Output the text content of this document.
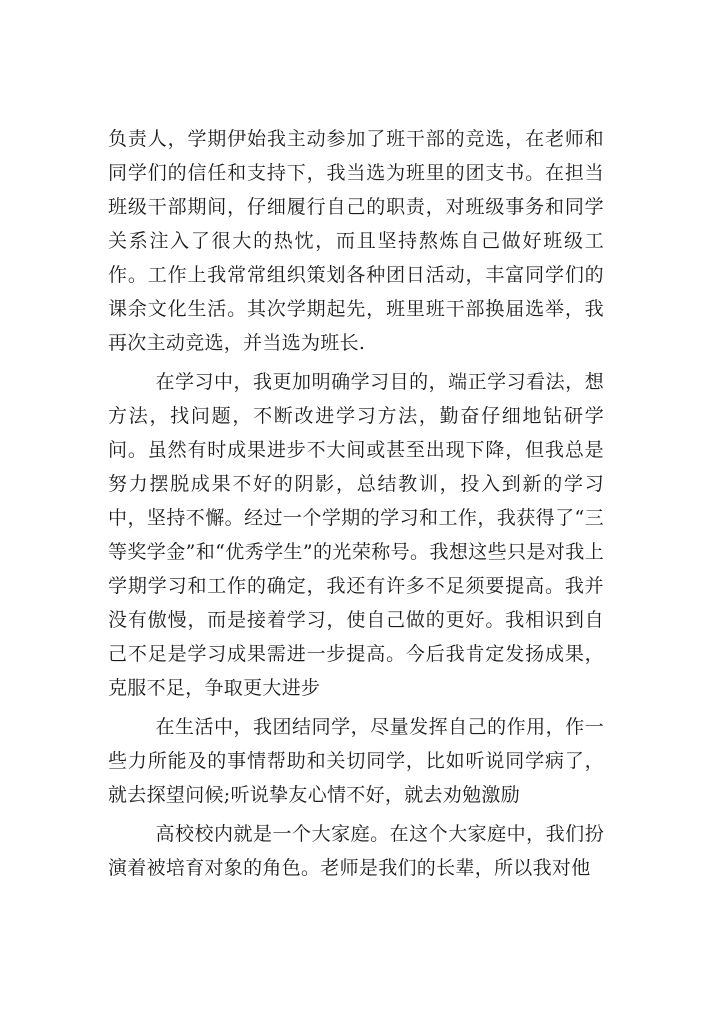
负责人，学期伊始我主动参加了班干部的竞选，在老师和同学们的信任和支持下，我当选为班里的团支书。在担当班级干部期间，仔细履行自己的职责，对班级事务和同学关系注入了很大的热忱，而且坚持熬炼自己做好班级工作。工作上我常常组织策划各种团日活动，丰富同学们的课余文化生活。其次学期起先，班里班干部换届选举，我再次主动竞选，并当选为班长.

在学习中，我更加明确学习目的，端正学习看法，想方法，找问题，不断改进学习方法，勤奋仔细地钻研学问。虽然有时成果进步不大间或甚至出现下降，但我总是努力摆脱成果不好的阴影，总结教训，投入到新的学习中，坚持不懈。经过一个学期的学习和工作，我获得了“三等奖学金”和“优秀学生”的光荣称号。我想这些只是对我上学期学习和工作的确定，我还有许多不足须要提高。我并没有傲慢，而是接着学习，使自己做的更好。我相识到自己不足是学习成果需进一步提高。今后我肯定发扬成果，克服不足，争取更大进步

在生活中，我团结同学，尽量发挥自己的作用，作一些力所能及的事情帮助和关切同学，比如听说同学病了，就去探望问候;听说挚友心情不好，就去劝勉激励

高校校内就是一个大家庭。在这个大家庭中，我们扮演着被培育对象的角色。老师是我们的长辈，所以我对他
